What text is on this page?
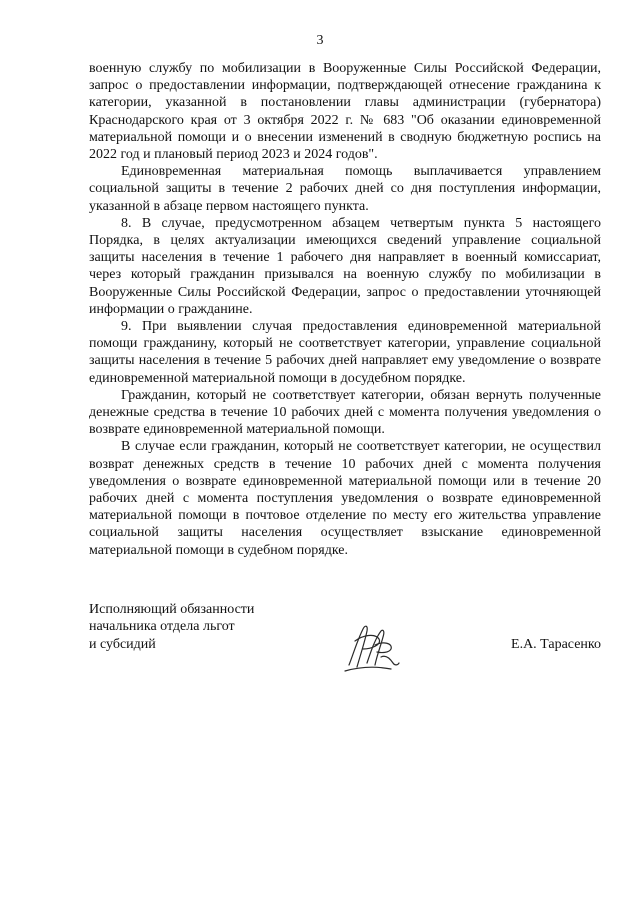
3

военную службу по мобилизации в Вооруженные Силы Российской Федерации, запрос о предоставлении информации, подтверждающей отнесение гражданина к категории, указанной в постановлении главы администрации (губернатора) Краснодарского края от 3 октября 2022 г. № 683 "Об оказании единовременной материальной помощи и о внесении изменений в сводную бюджетную роспись на 2022 год и плановый период 2023 и 2024 годов".

Единовременная материальная помощь выплачивается управлением социальной защиты в течение 2 рабочих дней со дня поступления информации, указанной в абзаце первом настоящего пункта.

8. В случае, предусмотренном абзацем четвертым пункта 5 настоящего Порядка, в целях актуализации имеющихся сведений управление социальной защиты населения в течение 1 рабочего дня направляет в военный комиссариат, через который гражданин призывался на военную службу по мобилизации в Вооруженные Силы Российской Федерации, запрос о предоставлении уточняющей информации о гражданине.

9. При выявлении случая предоставления единовременной материальной помощи гражданину, который не соответствует категории, управление социальной защиты населения в течение 5 рабочих дней направляет ему уведомление о возврате единовременной материальной помощи в досудебном порядке.

Гражданин, который не соответствует категории, обязан вернуть полученные денежные средства в течение 10 рабочих дней с момента получения уведомления о возврате единовременной материальной помощи.

В случае если гражданин, который не соответствует категории, не осуществил возврат денежных средств в течение 10 рабочих дней с момента получения уведомления о возврате единовременной материальной помощи или в течение 20 рабочих дней с момента поступления уведомления о возврате единовременной материальной помощи в почтовое отделение по месту его жительства управление социальной защиты населения осуществляет взыскание единовременной материальной помощи в судебном порядке.

Исполняющий обязанности
начальника отдела льгот
и субсидий	Е.А. Тарасенко
